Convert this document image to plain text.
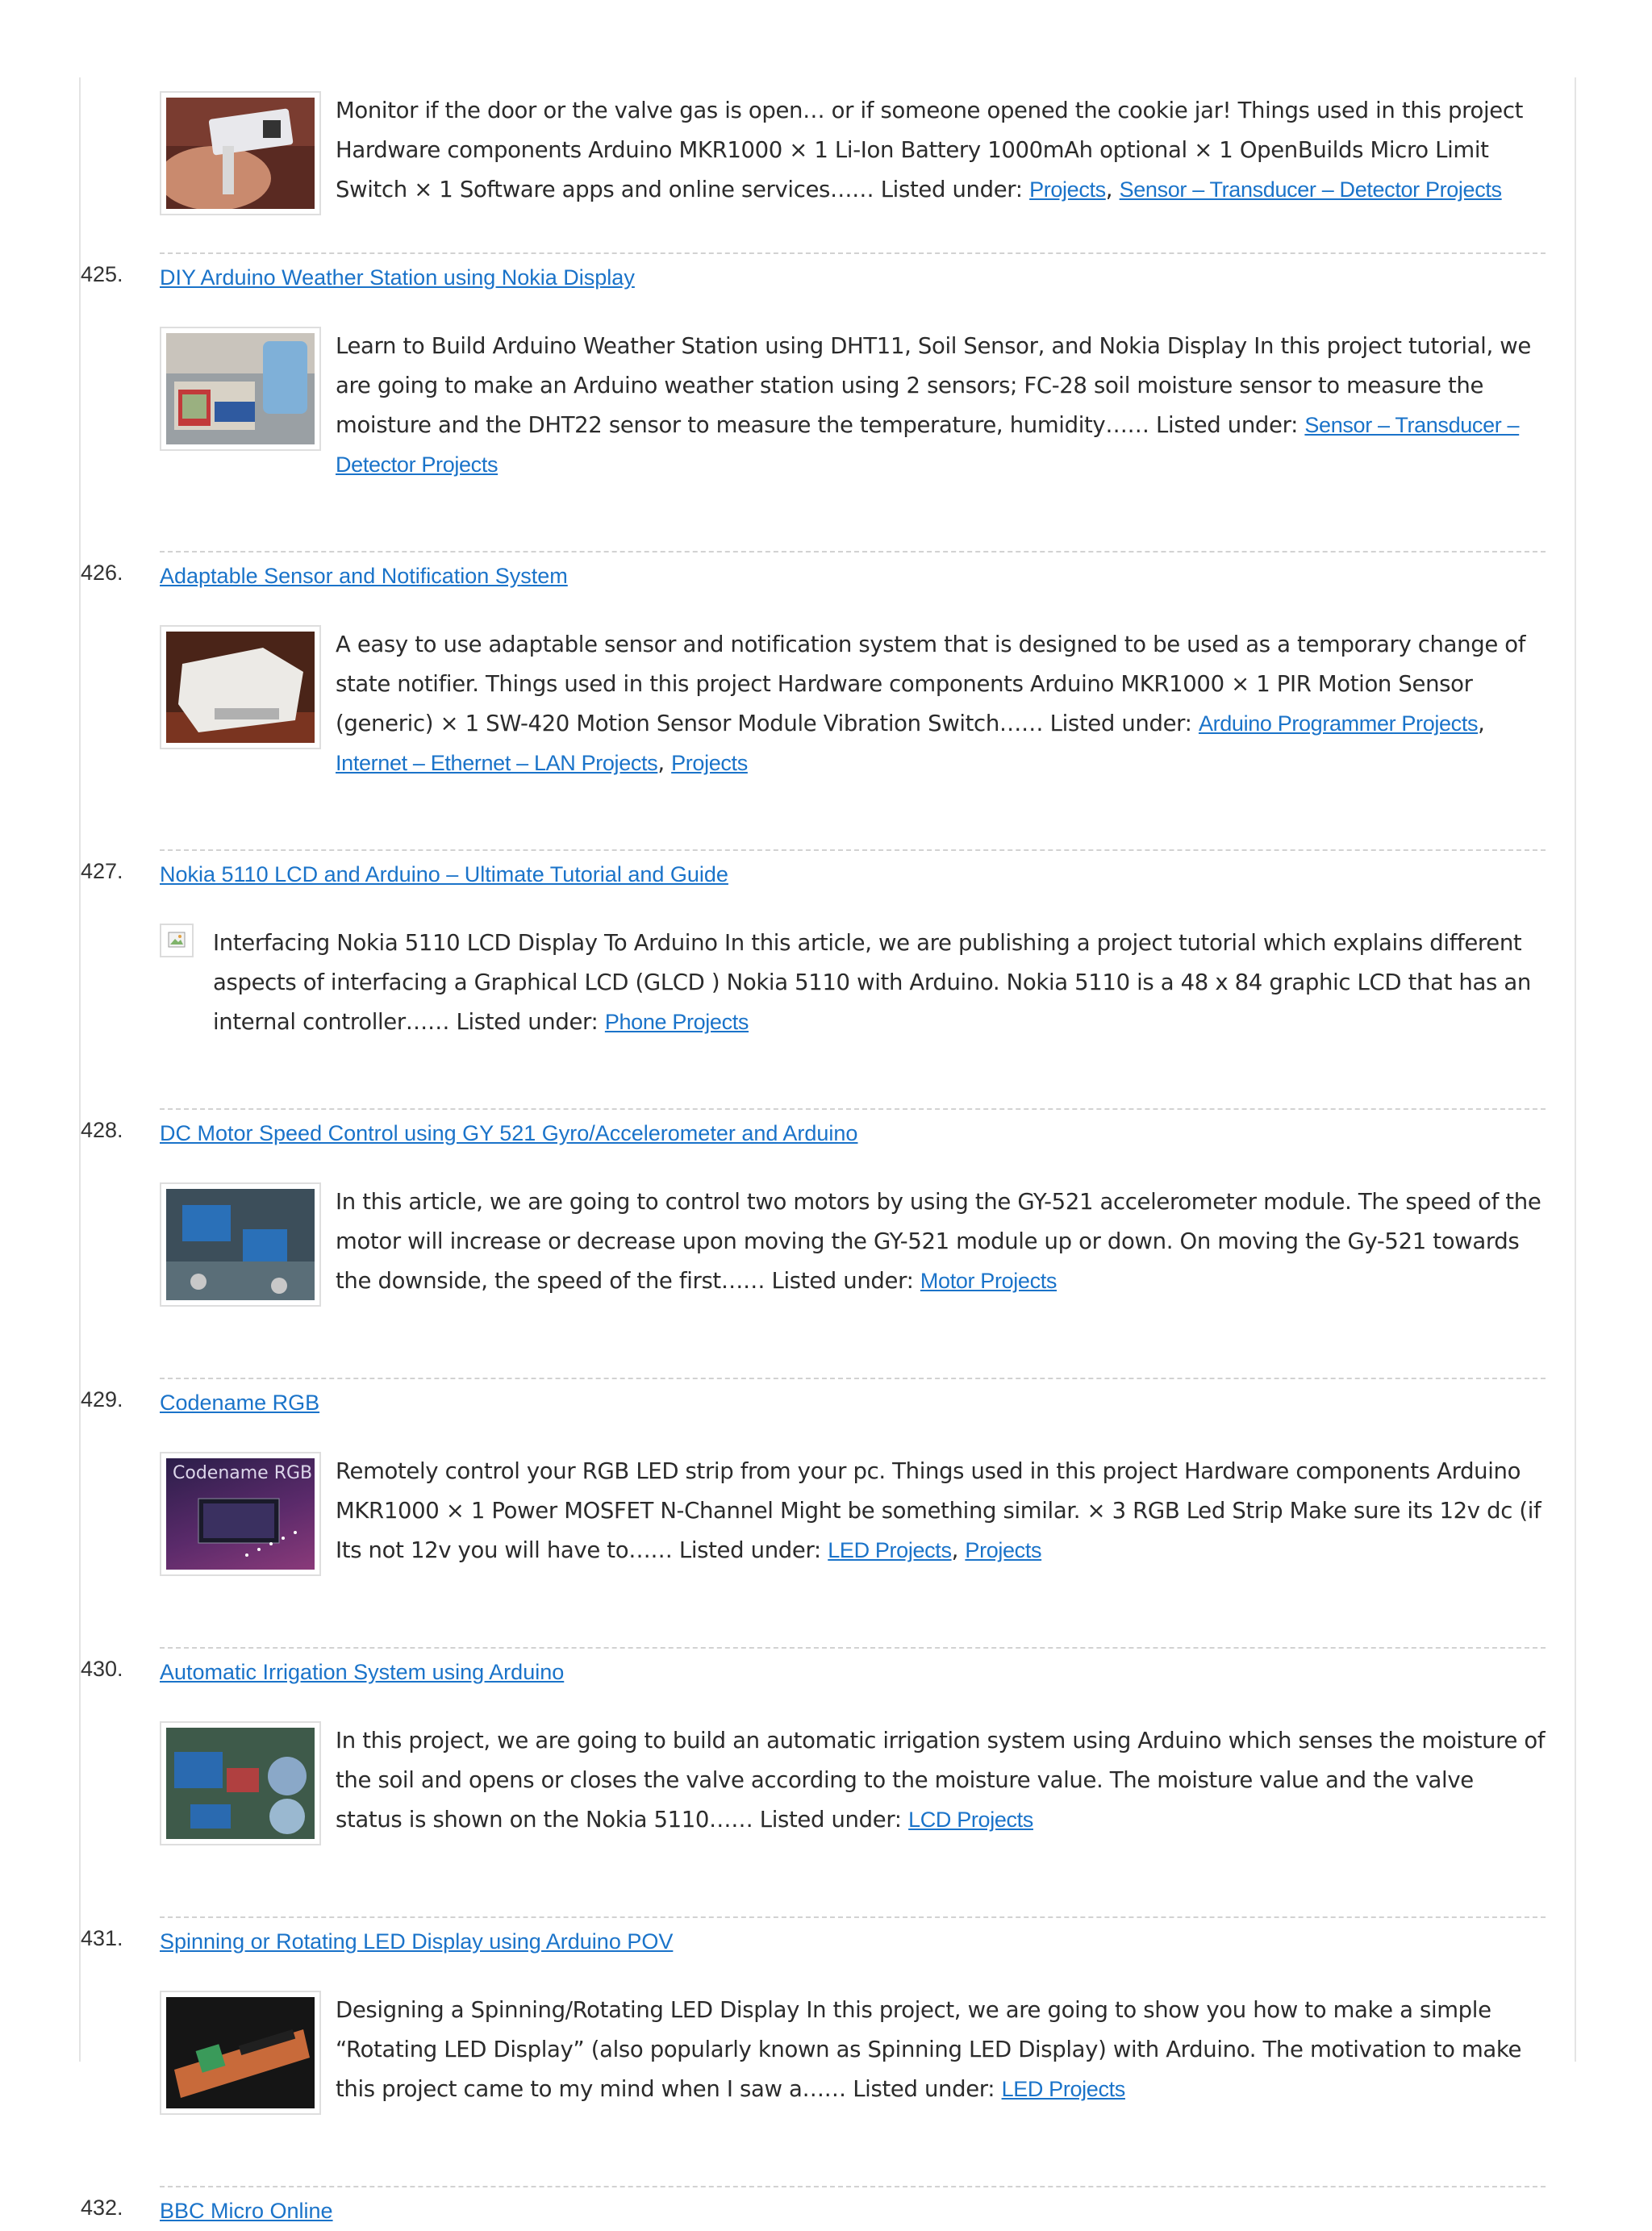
Monitor if the door or the valve gas is open… or if someone opened the cookie jar! Things used in this project Hardware components Arduino MKR1000 × 1 Li-Ion Battery 1000mAh optional × 1 OpenBuilds Micro Limit Switch × 1 Software apps and online services…… Listed under: Projects, Sensor – Transducer – Detector Projects
425. DIY Arduino Weather Station using Nokia Display
Learn to Build Arduino Weather Station using DHT11, Soil Sensor, and Nokia Display In this project tutorial, we are going to make an Arduino weather station using 2 sensors; FC-28 soil moisture sensor to measure the moisture and the DHT22 sensor to measure the temperature, humidity…… Listed under: Sensor – Transducer – Detector Projects
426. Adaptable Sensor and Notification System
A easy to use adaptable sensor and notification system that is designed to be used as a temporary change of state notifier. Things used in this project Hardware components Arduino MKR1000 × 1 PIR Motion Sensor (generic) × 1 SW-420 Motion Sensor Module Vibration Switch…… Listed under: Arduino Programmer Projects, Internet – Ethernet – LAN Projects, Projects
427. Nokia 5110 LCD and Arduino – Ultimate Tutorial and Guide
Interfacing Nokia 5110 LCD Display To Arduino In this article, we are publishing a project tutorial which explains different aspects of interfacing a Graphical LCD (GLCD ) Nokia 5110 with Arduino. Nokia 5110 is a 48 x 84 graphic LCD that has an internal controller…… Listed under: Phone Projects
428. DC Motor Speed Control using GY 521 Gyro/Accelerometer and Arduino
In this article, we are going to control two motors by using the GY-521 accelerometer module. The speed of the motor will increase or decrease upon moving the GY-521 module up or down. On moving the Gy-521 towards the downside, the speed of the first…… Listed under: Motor Projects
429. Codename RGB
Codename RGB Remotely control your RGB LED strip from your pc. Things used in this project Hardware components Arduino MKR1000 × 1 Power MOSFET N-Channel Might be something similar. × 3 RGB Led Strip Make sure its 12v dc (if Its not 12v you will have to…… Listed under: LED Projects, Projects
430. Automatic Irrigation System using Arduino
In this project, we are going to build an automatic irrigation system using Arduino which senses the moisture of the soil and opens or closes the valve according to the moisture value. The moisture value and the valve status is shown on the Nokia 5110…… Listed under: LCD Projects
431. Spinning or Rotating LED Display using Arduino POV
Designing a Spinning/Rotating LED Display In this project, we are going to show you how to make a simple “Rotating LED Display” (also popularly known as Spinning LED Display) with Arduino. The motivation to make this project came to my mind when I saw a…… Listed under: LED Projects
432. BBC Micro Online
